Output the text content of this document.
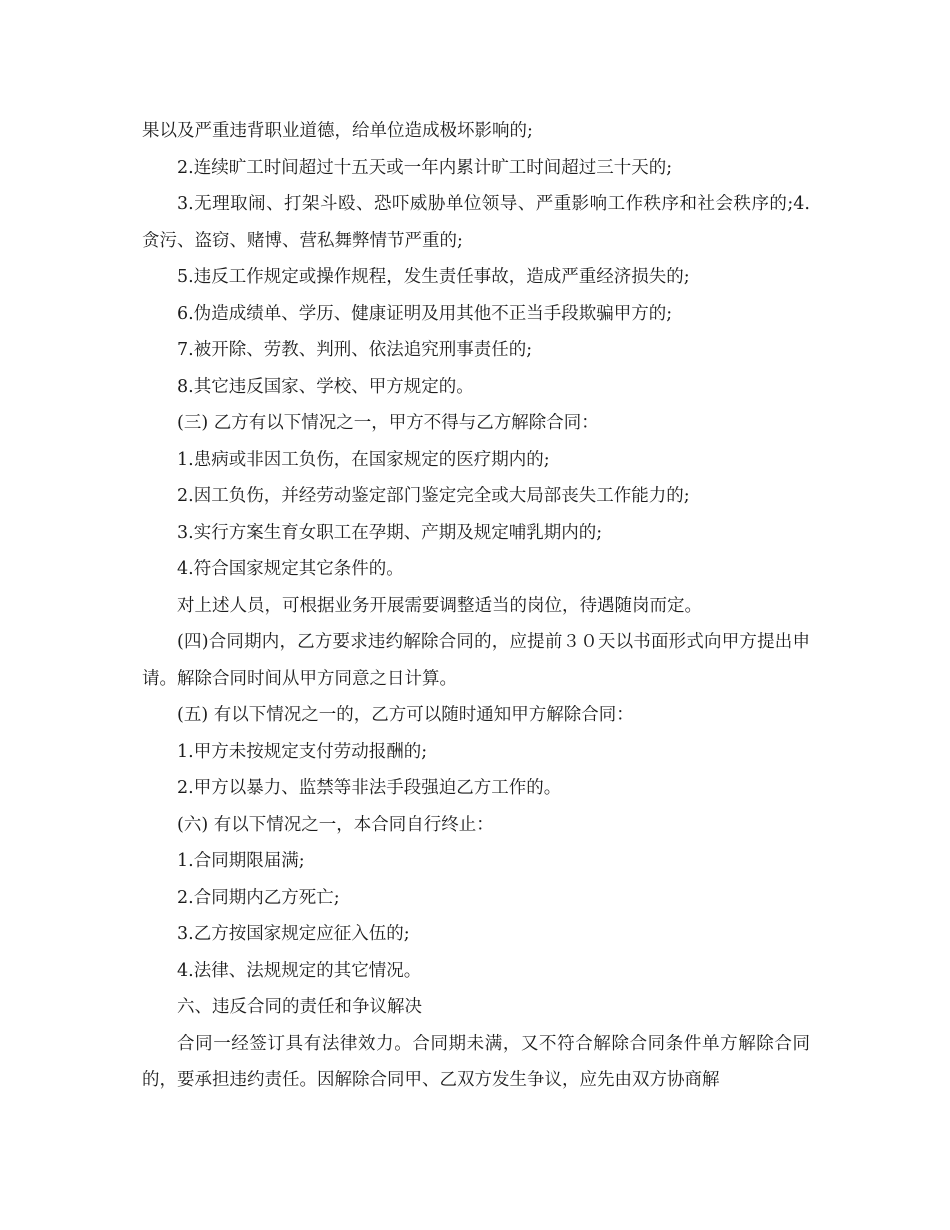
果以及严重违背职业道德，给单位造成极坏影响的;

2.连续旷工时间超过十五天或一年内累计旷工时间超过三十天的;

3.无理取闹、打架斗殴、恐吓威胁单位领导、严重影响工作秩序和社会秩序的;4.贪污、盗窃、赌博、营私舞弊情节严重的;

5.违反工作规定或操作规程，发生责任事故，造成严重经济损失的;

6.伪造成绩单、学历、健康证明及用其他不正当手段欺骗甲方的;

7.被开除、劳教、判刑、依法追究刑事责任的;

8.其它违反国家、学校、甲方规定的。

(三) 乙方有以下情况之一，甲方不得与乙方解除合同：

1.患病或非因工负伤，在国家规定的医疗期内的;

2.因工负伤，并经劳动鉴定部门鉴定完全或大局部丧失工作能力的;

3.实行方案生育女职工在孕期、产期及规定哺乳期内的;

4.符合国家规定其它条件的。

对上述人员，可根据业务开展需要调整适当的岗位，待遇随岗而定。

(四)合同期内，乙方要求违约解除合同的，应提前３０天以书面形式向甲方提出申请。解除合同时间从甲方同意之日计算。

(五) 有以下情况之一的，乙方可以随时通知甲方解除合同：

1.甲方未按规定支付劳动报酬的;

2.甲方以暴力、监禁等非法手段强迫乙方工作的。

(六) 有以下情况之一，本合同自行终止：

1.合同期限届满;

2.合同期内乙方死亡;

3.乙方按国家规定应征入伍的;

4.法律、法规规定的其它情况。

六、违反合同的责任和争议解决

合同一经签订具有法律效力。合同期未满，又不符合解除合同条件单方解除合同的，要承担违约责任。因解除合同甲、乙双方发生争议，应先由双方协商解
